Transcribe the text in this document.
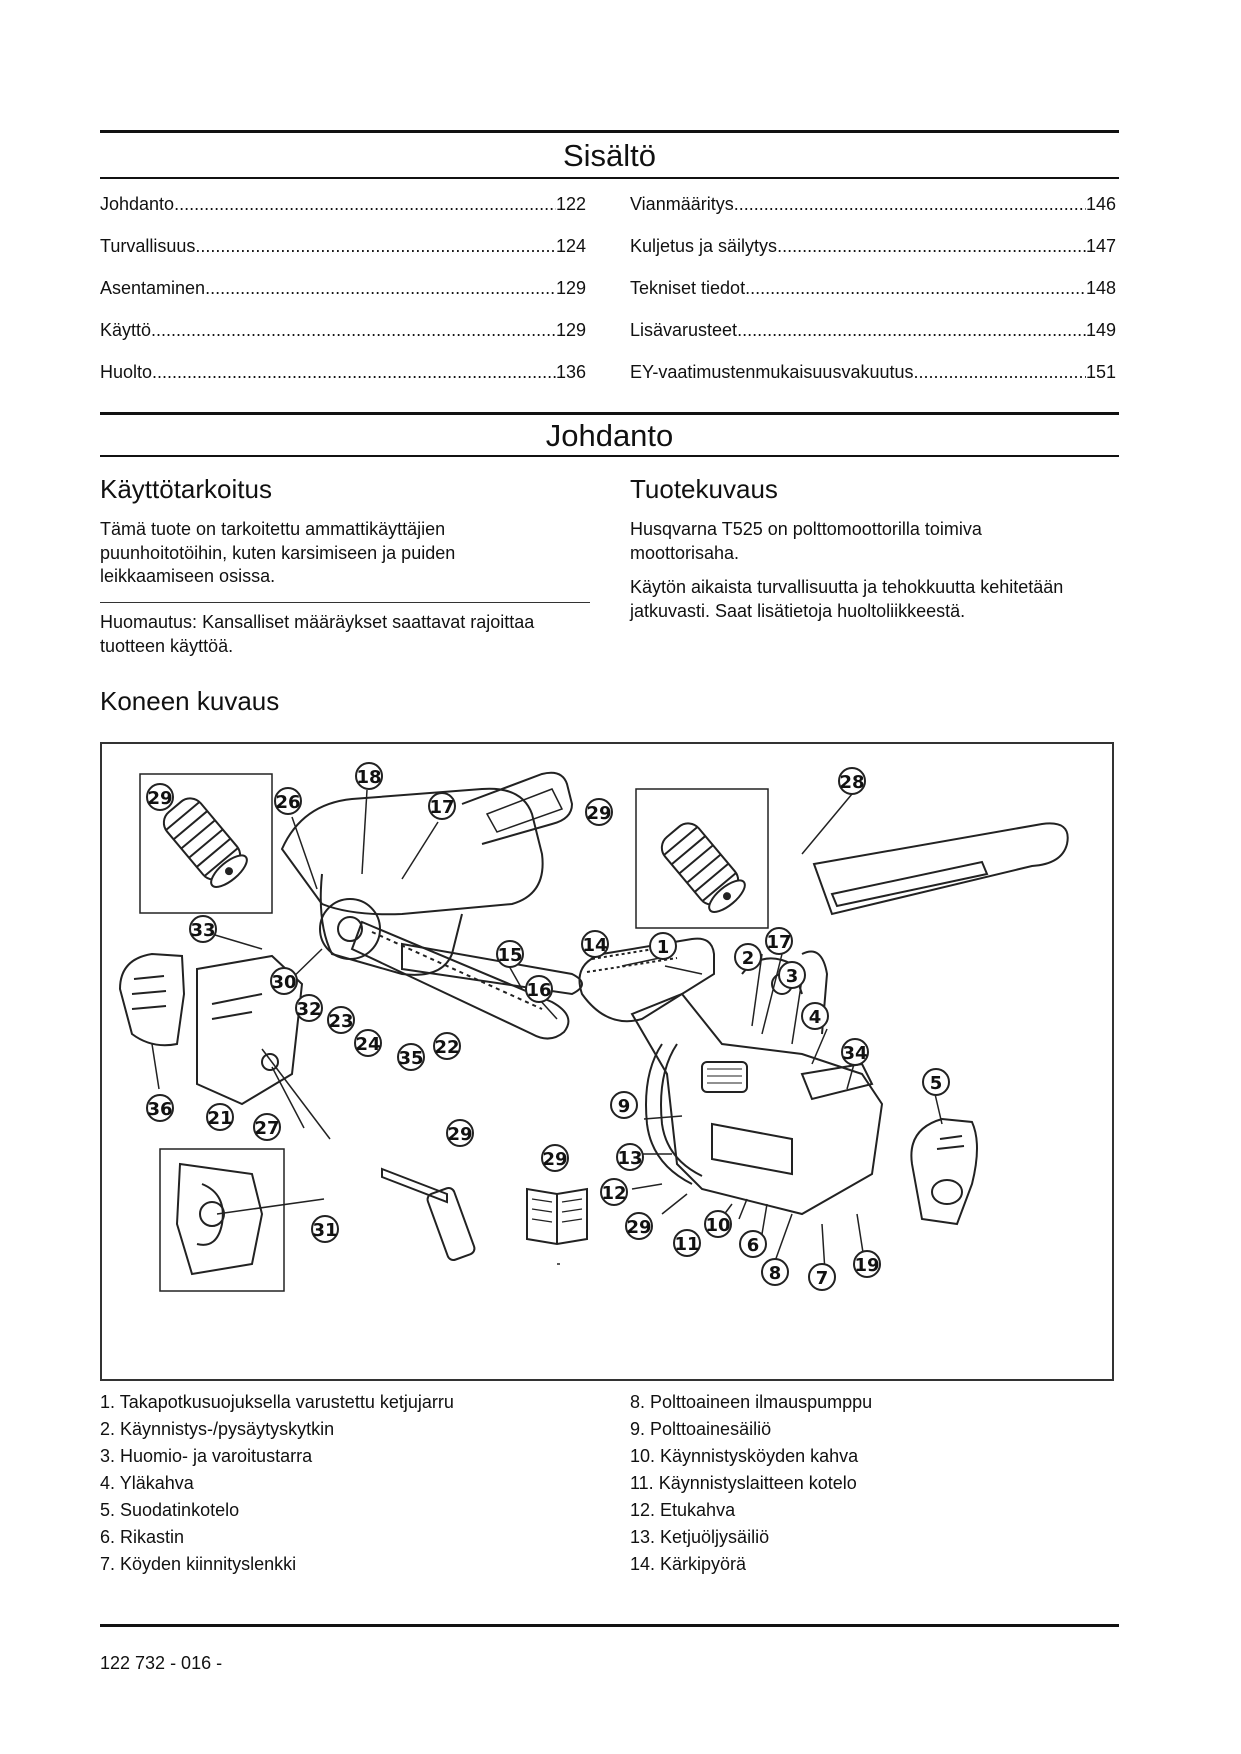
Sisältö
Johdanto .....	122
Turvallisuus .....	124
Asentaminen .....	129
Käyttö .....	129
Huolto .....	136
Vianmääritys .....	146
Kuljetus ja säilytys .....	147
Tekniset tiedot .....	148
Lisävarusteet .....	149
EY-vaatimustenmukaisuusvakuutus .....	151
Johdanto
Käyttötarkoitus
Tämä tuote on tarkoitettu ammattikäyttäjien puunhoitotöihin, kuten karsimiseen ja puiden leikkaamiseen osissa.
Huomautus: Kansalliset määräykset saattavat rajoittaa tuotteen käyttöä.
Tuotekuvaus
Husqvarna T525 on polttomoottorilla toimiva moottorisaha.
Käytön aikaista turvallisuutta ja tehokkuutta kehitetään jatkuvasti. Saat lisätietoja huoltoliikkeestä.
Koneen kuvaus
18
26	17
29
29
28
33
15	14	1
2
17
3
16
30
32
23
24
35
22
4
34
5
36 21 27
9
29
13
29
12
31	29	10
11	6
8 7
19
1. Takapotkusuojuksella varustettu ketjujarru
2. Käynnistys-/pysäytyskytkin
3. Huomio- ja varoitustarra
4. Yläkahva
5. Suodatinkotelo
6. Rikastin
7. Köyden kiinnityslenkki
8. Polttoaineen ilmauspumppu
9. Polttoainesäiliö
10. Käynnistysköyden kahva
11. Käynnistyslaitteen kotelo
12. Etukahva
13. Ketjuöljysäiliö
14. Kärkipyörä
122 732 - 016 -
